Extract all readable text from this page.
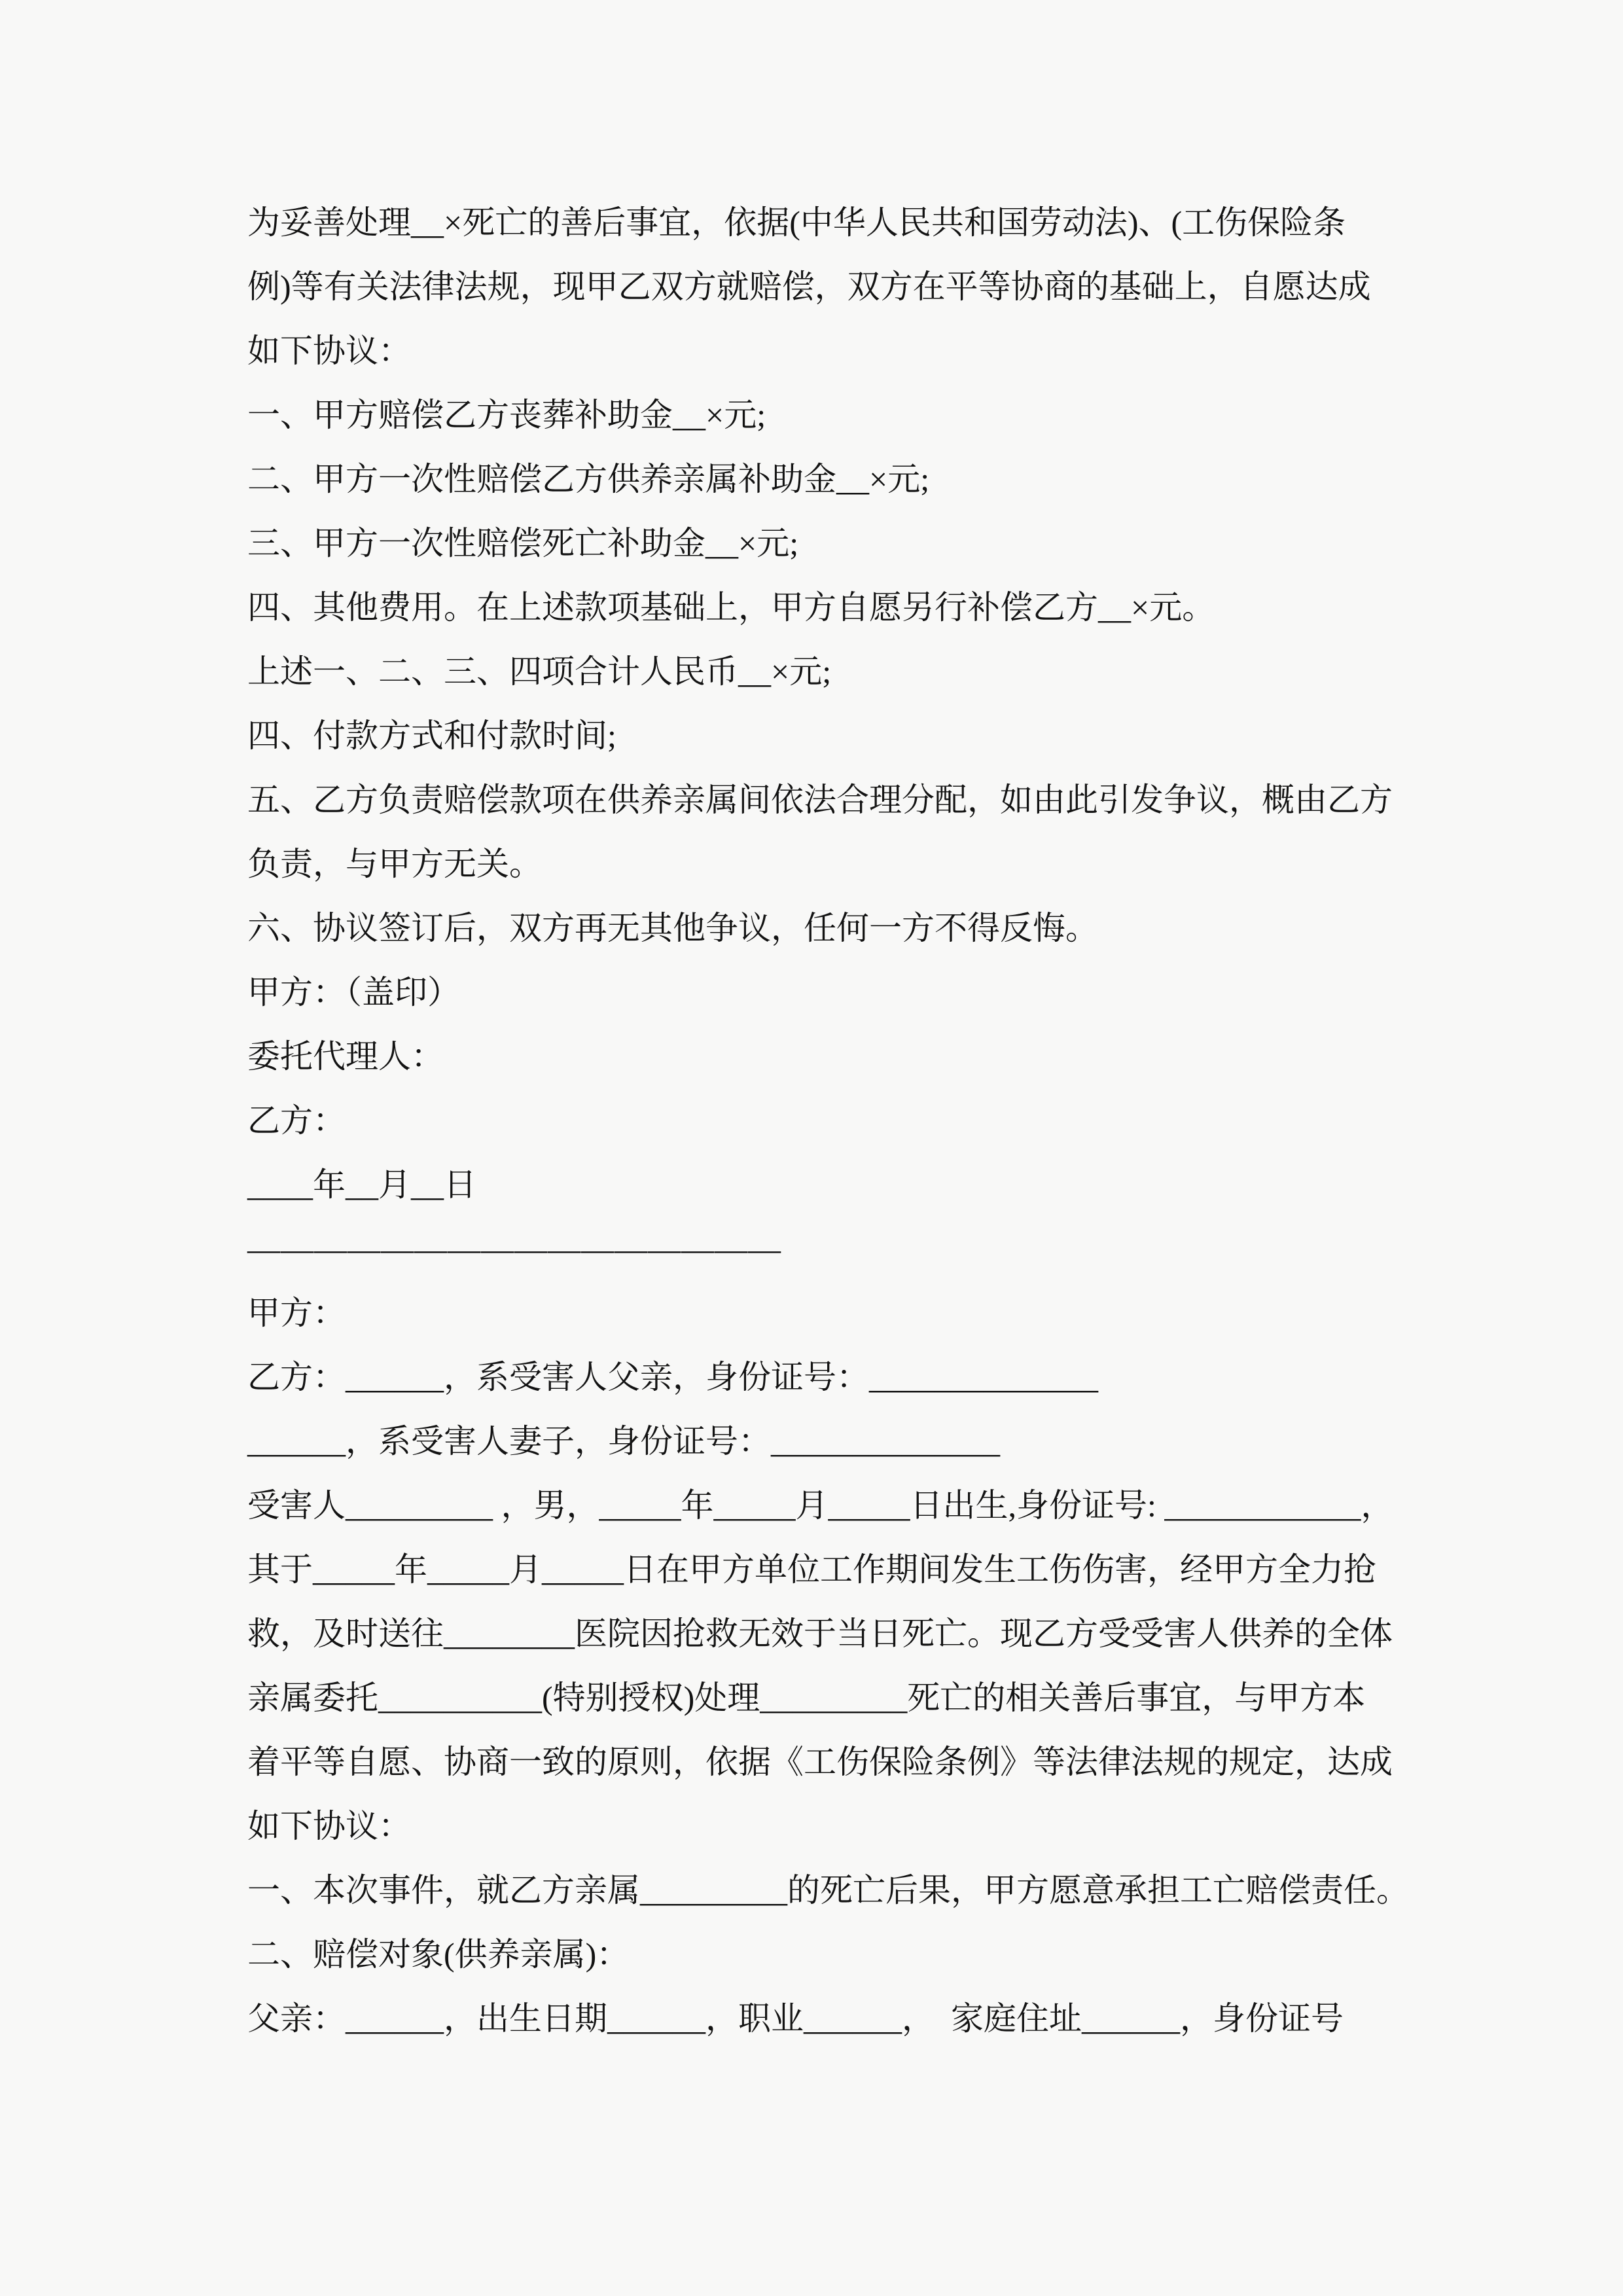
为妥善处理__×死亡的善后事宜，依据(中华人民共和国劳动法)、(工伤保险条
例)等有关法律法规，现甲乙双方就赔偿，双方在平等协商的基础上，自愿达成
如下协议：
一、甲方赔偿乙方丧葬补助金__×元;
二、甲方一次性赔偿乙方供养亲属补助金__×元;
三、甲方一次性赔偿死亡补助金__×元;
四、其他费用。在上述款项基础上，甲方自愿另行补偿乙方__×元。
上述一、二、三、四项合计人民币__×元;
四、付款方式和付款时间;
五、乙方负责赔偿款项在供养亲属间依法合理分配，如由此引发争议，概由乙方
负责，与甲方无关。
六、协议签订后，双方再无其他争议，任何一方不得反悔。
甲方：（盖印）
委托代理人：
乙方：
____年__月__日
————————————————
甲方：
乙方：______，系受害人父亲，身份证号：______________
______，系受害人妻子，身份证号：______________
受害人_________ ，男，_____年_____月_____日出生,身份证号: ____________，
其于_____年_____月_____日在甲方单位工作期间发生工伤伤害，经甲方全力抢
救，及时送往________医院因抢救无效于当日死亡。现乙方受受害人供养的全体
亲属委托__________(特别授权)处理_________死亡的相关善后事宜，与甲方本
着平等自愿、协商一致的原则，依据《工伤保险条例》等法律法规的规定，达成
如下协议：
一、本次事件，就乙方亲属_________的死亡后果，甲方愿意承担工亡赔偿责任。
二、赔偿对象(供养亲属)：
父亲：______，出生日期______，职业______，　家庭住址______，身份证号
